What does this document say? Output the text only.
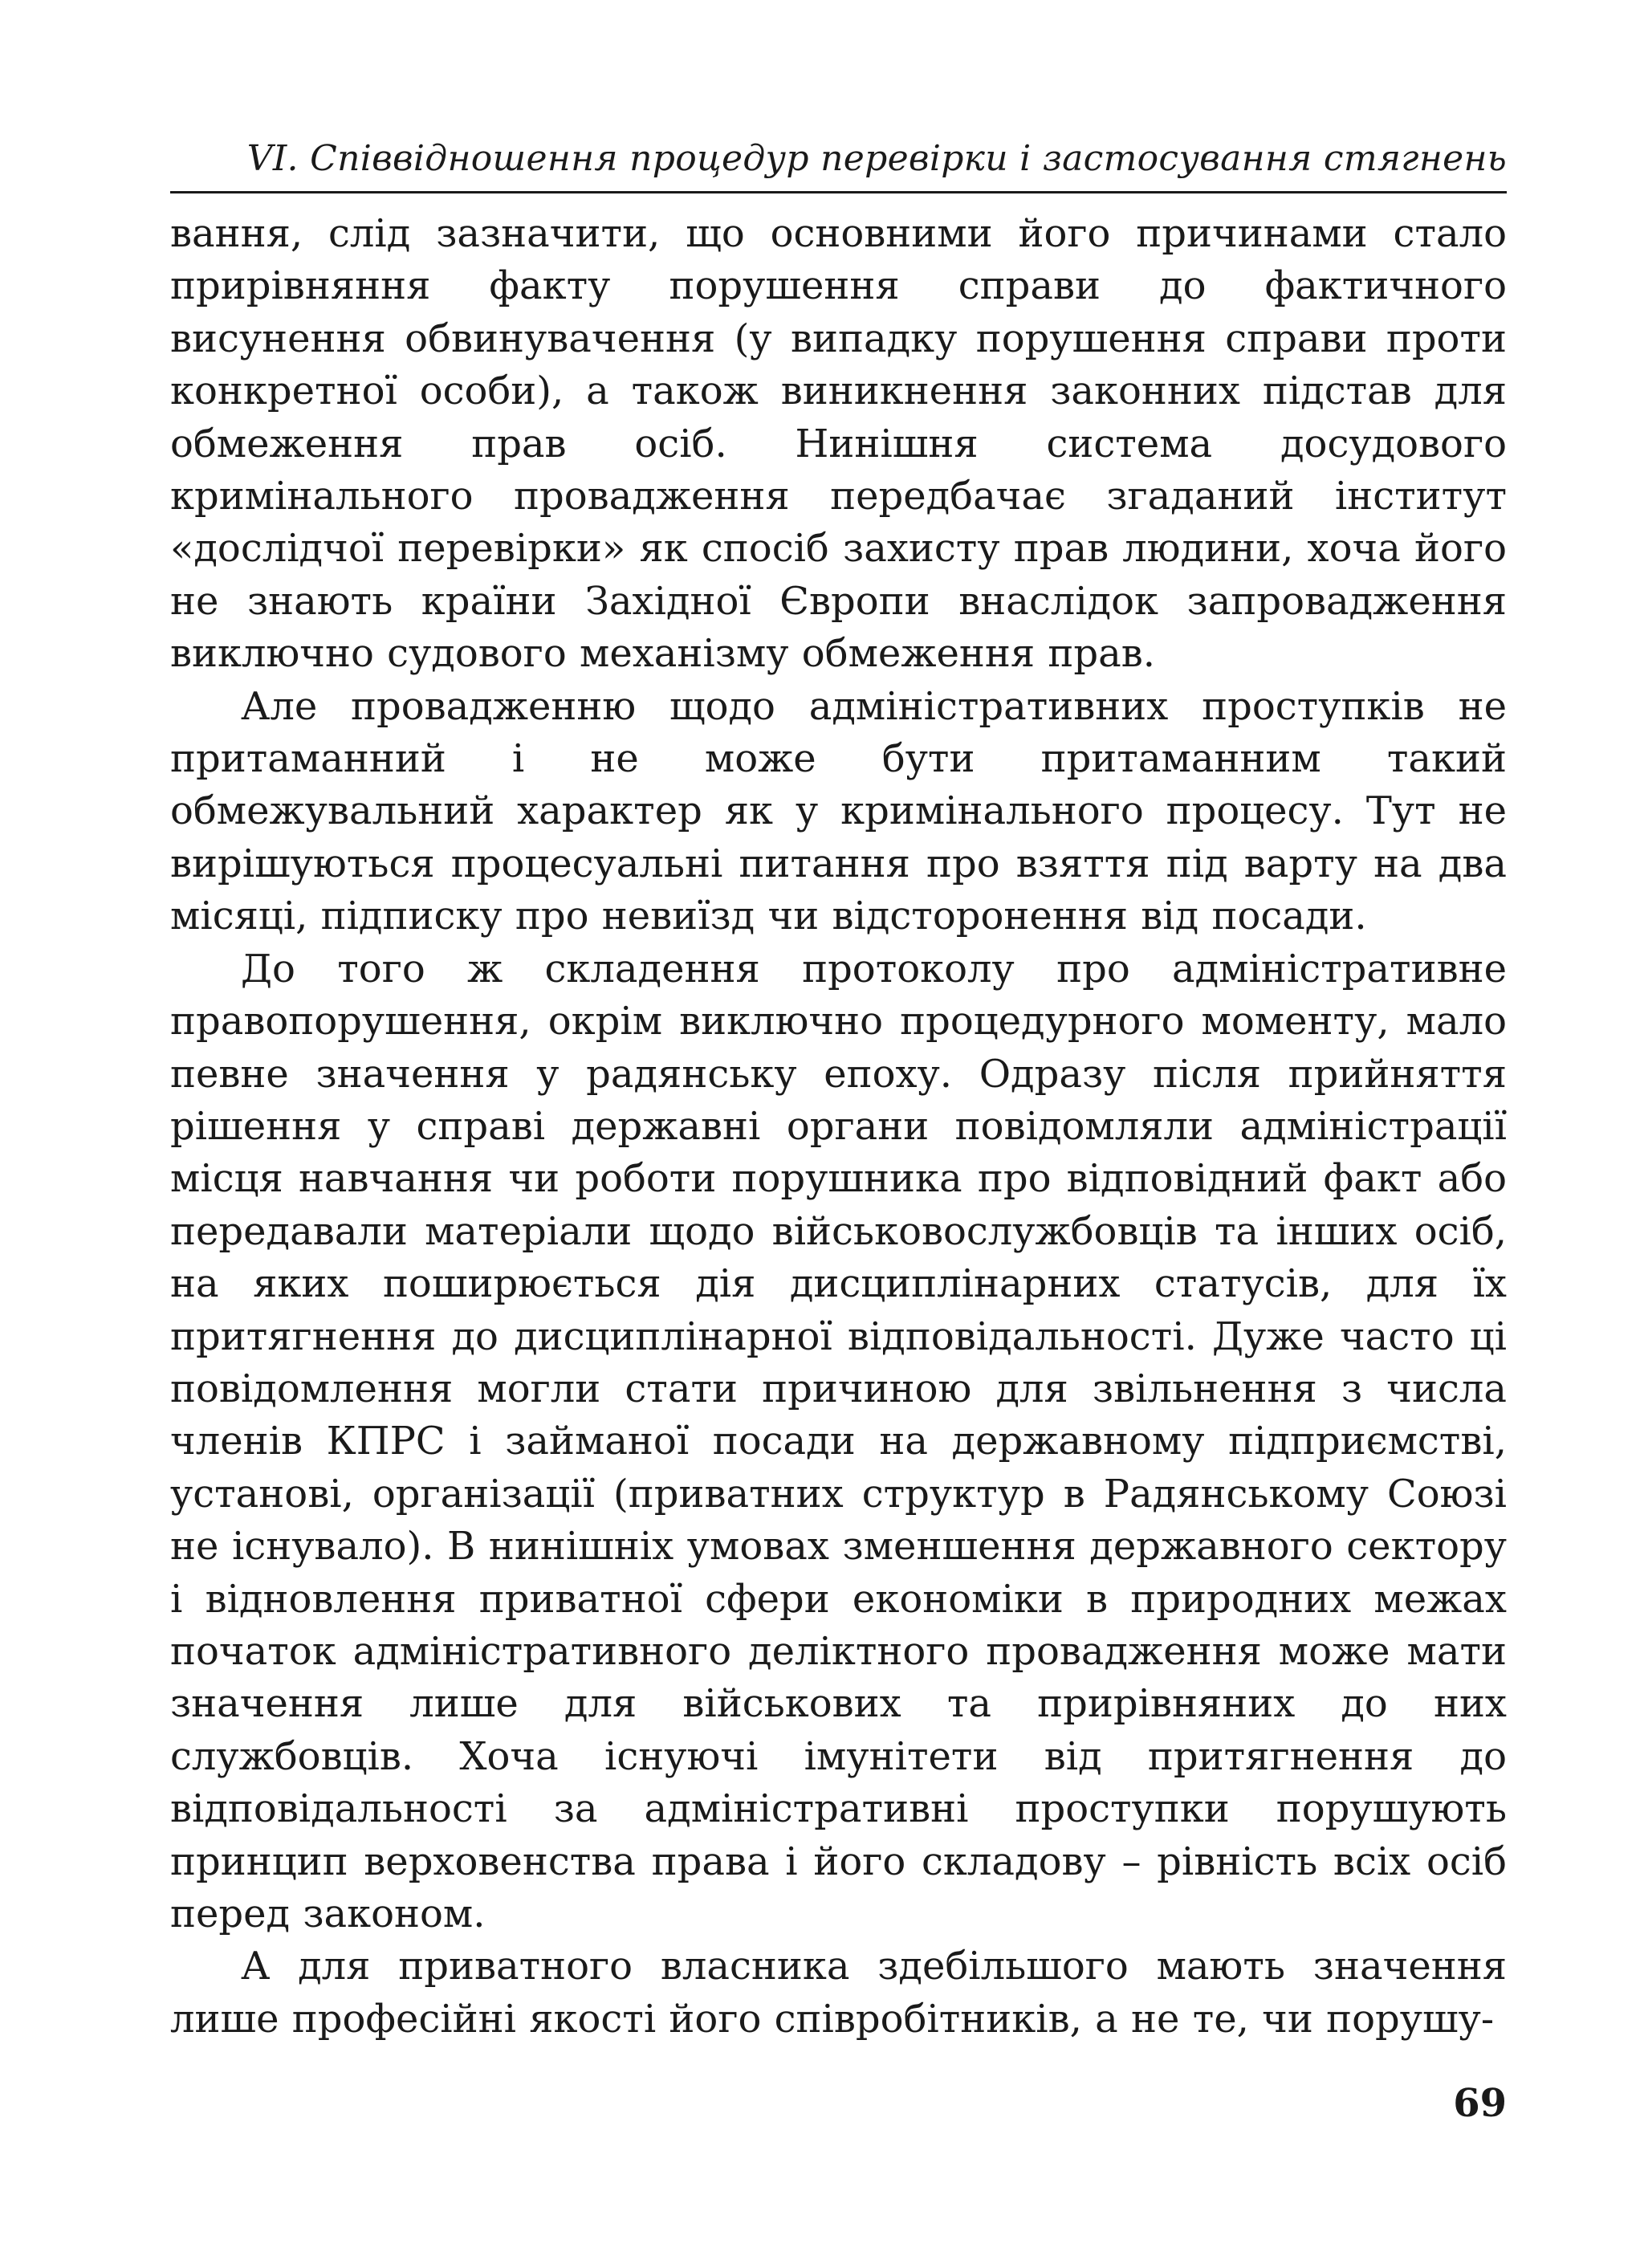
VI. Співвідношення процедур перевірки і застосування стягнень

вання, слід зазначити, що основними його причинами стало прирівняння факту порушення справи до фактичного висунення обвинувачення (у випадку порушення справи проти конкретної особи), а також виникнення законних підстав для обмеження прав осіб. Нинішня система досудового кримінального провадження передбачає згаданий інститут «дослідчої перевірки» як спосіб захисту прав людини, хоча його не знають країни Західної Європи внаслідок запровадження виключно судового механізму обмеження прав.

Але провадженню щодо адміністративних проступків не притаманний і не може бути притаманним такий обмежувальний характер як у кримінального процесу. Тут не вирішуються процесуальні питання про взяття під варту на два місяці, підписку про невиїзд чи відсторонення від посади.

До того ж складення протоколу про адміністративне правопорушення, окрім виключно процедурного моменту, мало певне значення у радянську епоху. Одразу після прийняття рішення у справі державні органи повідомляли адміністрації місця навчання чи роботи порушника про відповідний факт або передавали матеріали щодо військовослужбовців та інших осіб, на яких поширюється дія дисциплінарних статусів, для їх притягнення до дисциплінарної відповідальності. Дуже часто ці повідомлення могли стати причиною для звільнення з числа членів КПРС і займаної посади на державному підприємстві, установі, організації (приватних структур в Радянському Союзі не існувало). В нинішніх умовах зменшення державного сектору і відновлення приватної сфери економіки в природних межах початок адміністративного деліктного провадження може мати значення лише для військових та прирівняних до них службовців. Хоча існуючі імунітети від притягнення до відповідальності за адміністративні проступки порушують принцип верховенства права і його складову – рівність всіх осіб перед законом.

А для приватного власника здебільшого мають значення лише професійні якості його співробітників, а не те, чи порушу-

69
